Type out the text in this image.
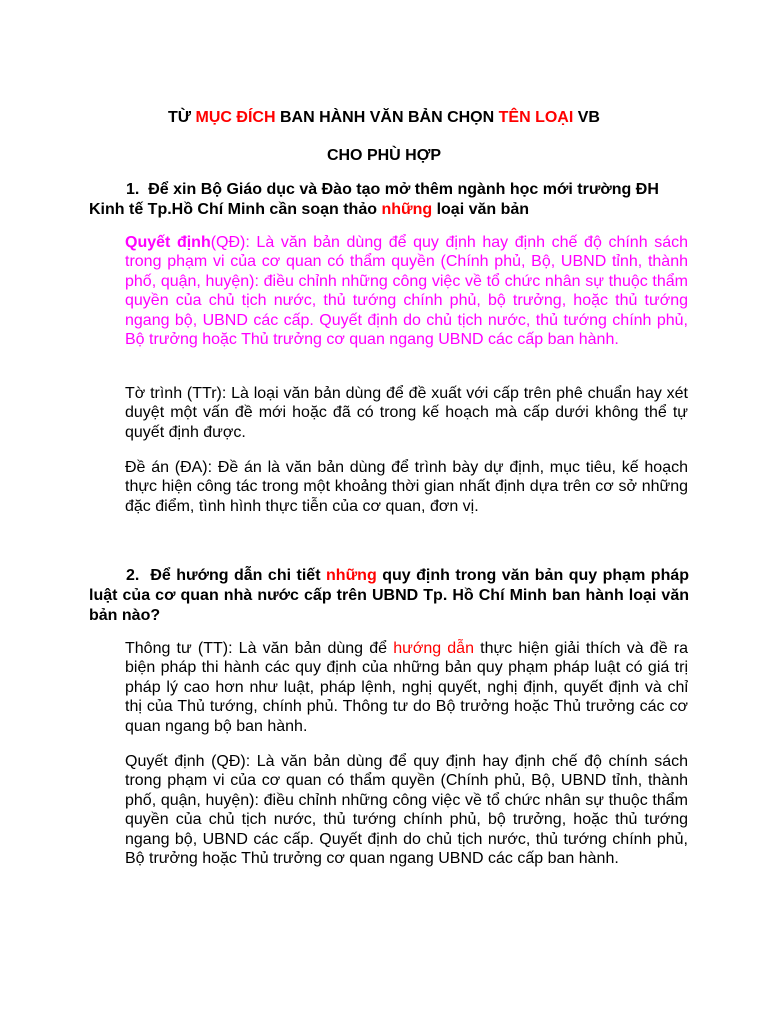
TỪ MỤC ĐÍCH BAN HÀNH VĂN BẢN CHỌN TÊN LOẠI VB
CHO PHÙ HỢP
1. Để xin Bộ Giáo dục và Đào tạo mở thêm ngành học mới trường ĐH Kinh tế Tp.Hồ Chí Minh cần soạn thảo những loại văn bản
Quyết định(QĐ): Là văn bản dùng để quy định hay định chế độ chính sách trong phạm vi của cơ quan có thẩm quyền (Chính phủ, Bộ, UBND tỉnh, thành phố, quận, huyện): điều chỉnh những công việc về tổ chức nhân sự thuộc thẩm quyền của chủ tịch nước, thủ tướng chính phủ, bộ trưởng, hoặc thủ tướng ngang bộ, UBND các cấp. Quyết định do chủ tịch nước, thủ tướng chính phủ, Bộ trưởng hoặc Thủ trưởng cơ quan ngang UBND các cấp ban hành.
Tờ trình (TTr): Là loại văn bản dùng để đề xuất với cấp trên phê chuẩn hay xét duyệt một vấn đề mới hoặc đã có trong kế hoạch mà cấp dưới không thể tự quyết định được.
Đề án (ĐA): Đề án là văn bản dùng để trình bày dự định, mục tiêu, kế hoạch thực hiện công tác trong một khoảng thời gian nhất định dựa trên cơ sở những đặc điểm, tình hình thực tiễn của cơ quan, đơn vị.
2. Để hướng dẫn chi tiết những quy định trong văn bản quy phạm pháp luật của cơ quan nhà nước cấp trên UBND Tp. Hồ Chí Minh ban hành loại văn bản nào?
Thông tư (TT): Là văn bản dùng để hướng dẫn thực hiện giải thích và đề ra biện pháp thi hành các quy định của những bản quy phạm pháp luật có giá trị pháp lý cao hơn như luật, pháp lệnh, nghị quyết, nghị định, quyết định và chỉ thị của Thủ tướng, chính phủ. Thông tư do Bộ trưởng hoặc Thủ trưởng các cơ quan ngang bộ ban hành.
Quyết định (QĐ): Là văn bản dùng để quy định hay định chế độ chính sách trong phạm vi của cơ quan có thẩm quyền (Chính phủ, Bộ, UBND tỉnh, thành phố, quận, huyện): điều chỉnh những công việc về tổ chức nhân sự thuộc thẩm quyền của chủ tịch nước, thủ tướng chính phủ, bộ trưởng, hoặc thủ tướng ngang bộ, UBND các cấp. Quyết định do chủ tịch nước, thủ tướng chính phủ, Bộ trưởng hoặc Thủ trưởng cơ quan ngang UBND các cấp ban hành.
